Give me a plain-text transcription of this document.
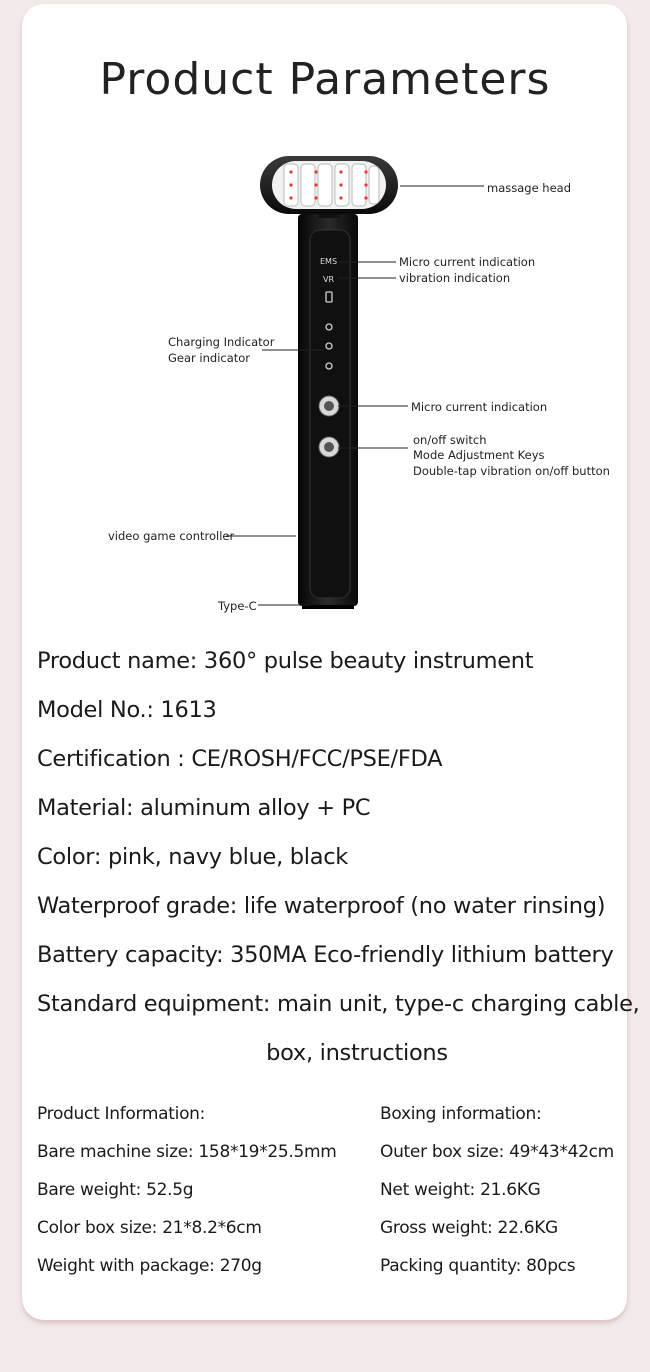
Product Parameters
EMS
VR
massage head
Micro current indication
vibration indication
Charging Indicator
Gear indicator
Micro current indication
on/off switch
Mode Adjustment Keys
Double-tap vibration on/off button
video game controller
Type-C
Product name: 360° pulse beauty instrument
Model No.: 1613
Certification : CE/ROSH/FCC/PSE/FDA
Material: aluminum alloy + PC
Color: pink, navy blue, black
Waterproof grade: life waterproof (no water rinsing)
Battery capacity: 350MA Eco-friendly lithium battery
Standard equipment: main unit, type-c charging cable,
box, instructions
Product Information:
Bare machine size: 158*19*25.5mm
Bare weight: 52.5g
Color box size: 21*8.2*6cm
Weight with package: 270g
Boxing information:
Outer box size: 49*43*42cm
Net weight: 21.6KG
Gross weight: 22.6KG
Packing quantity: 80pcs
